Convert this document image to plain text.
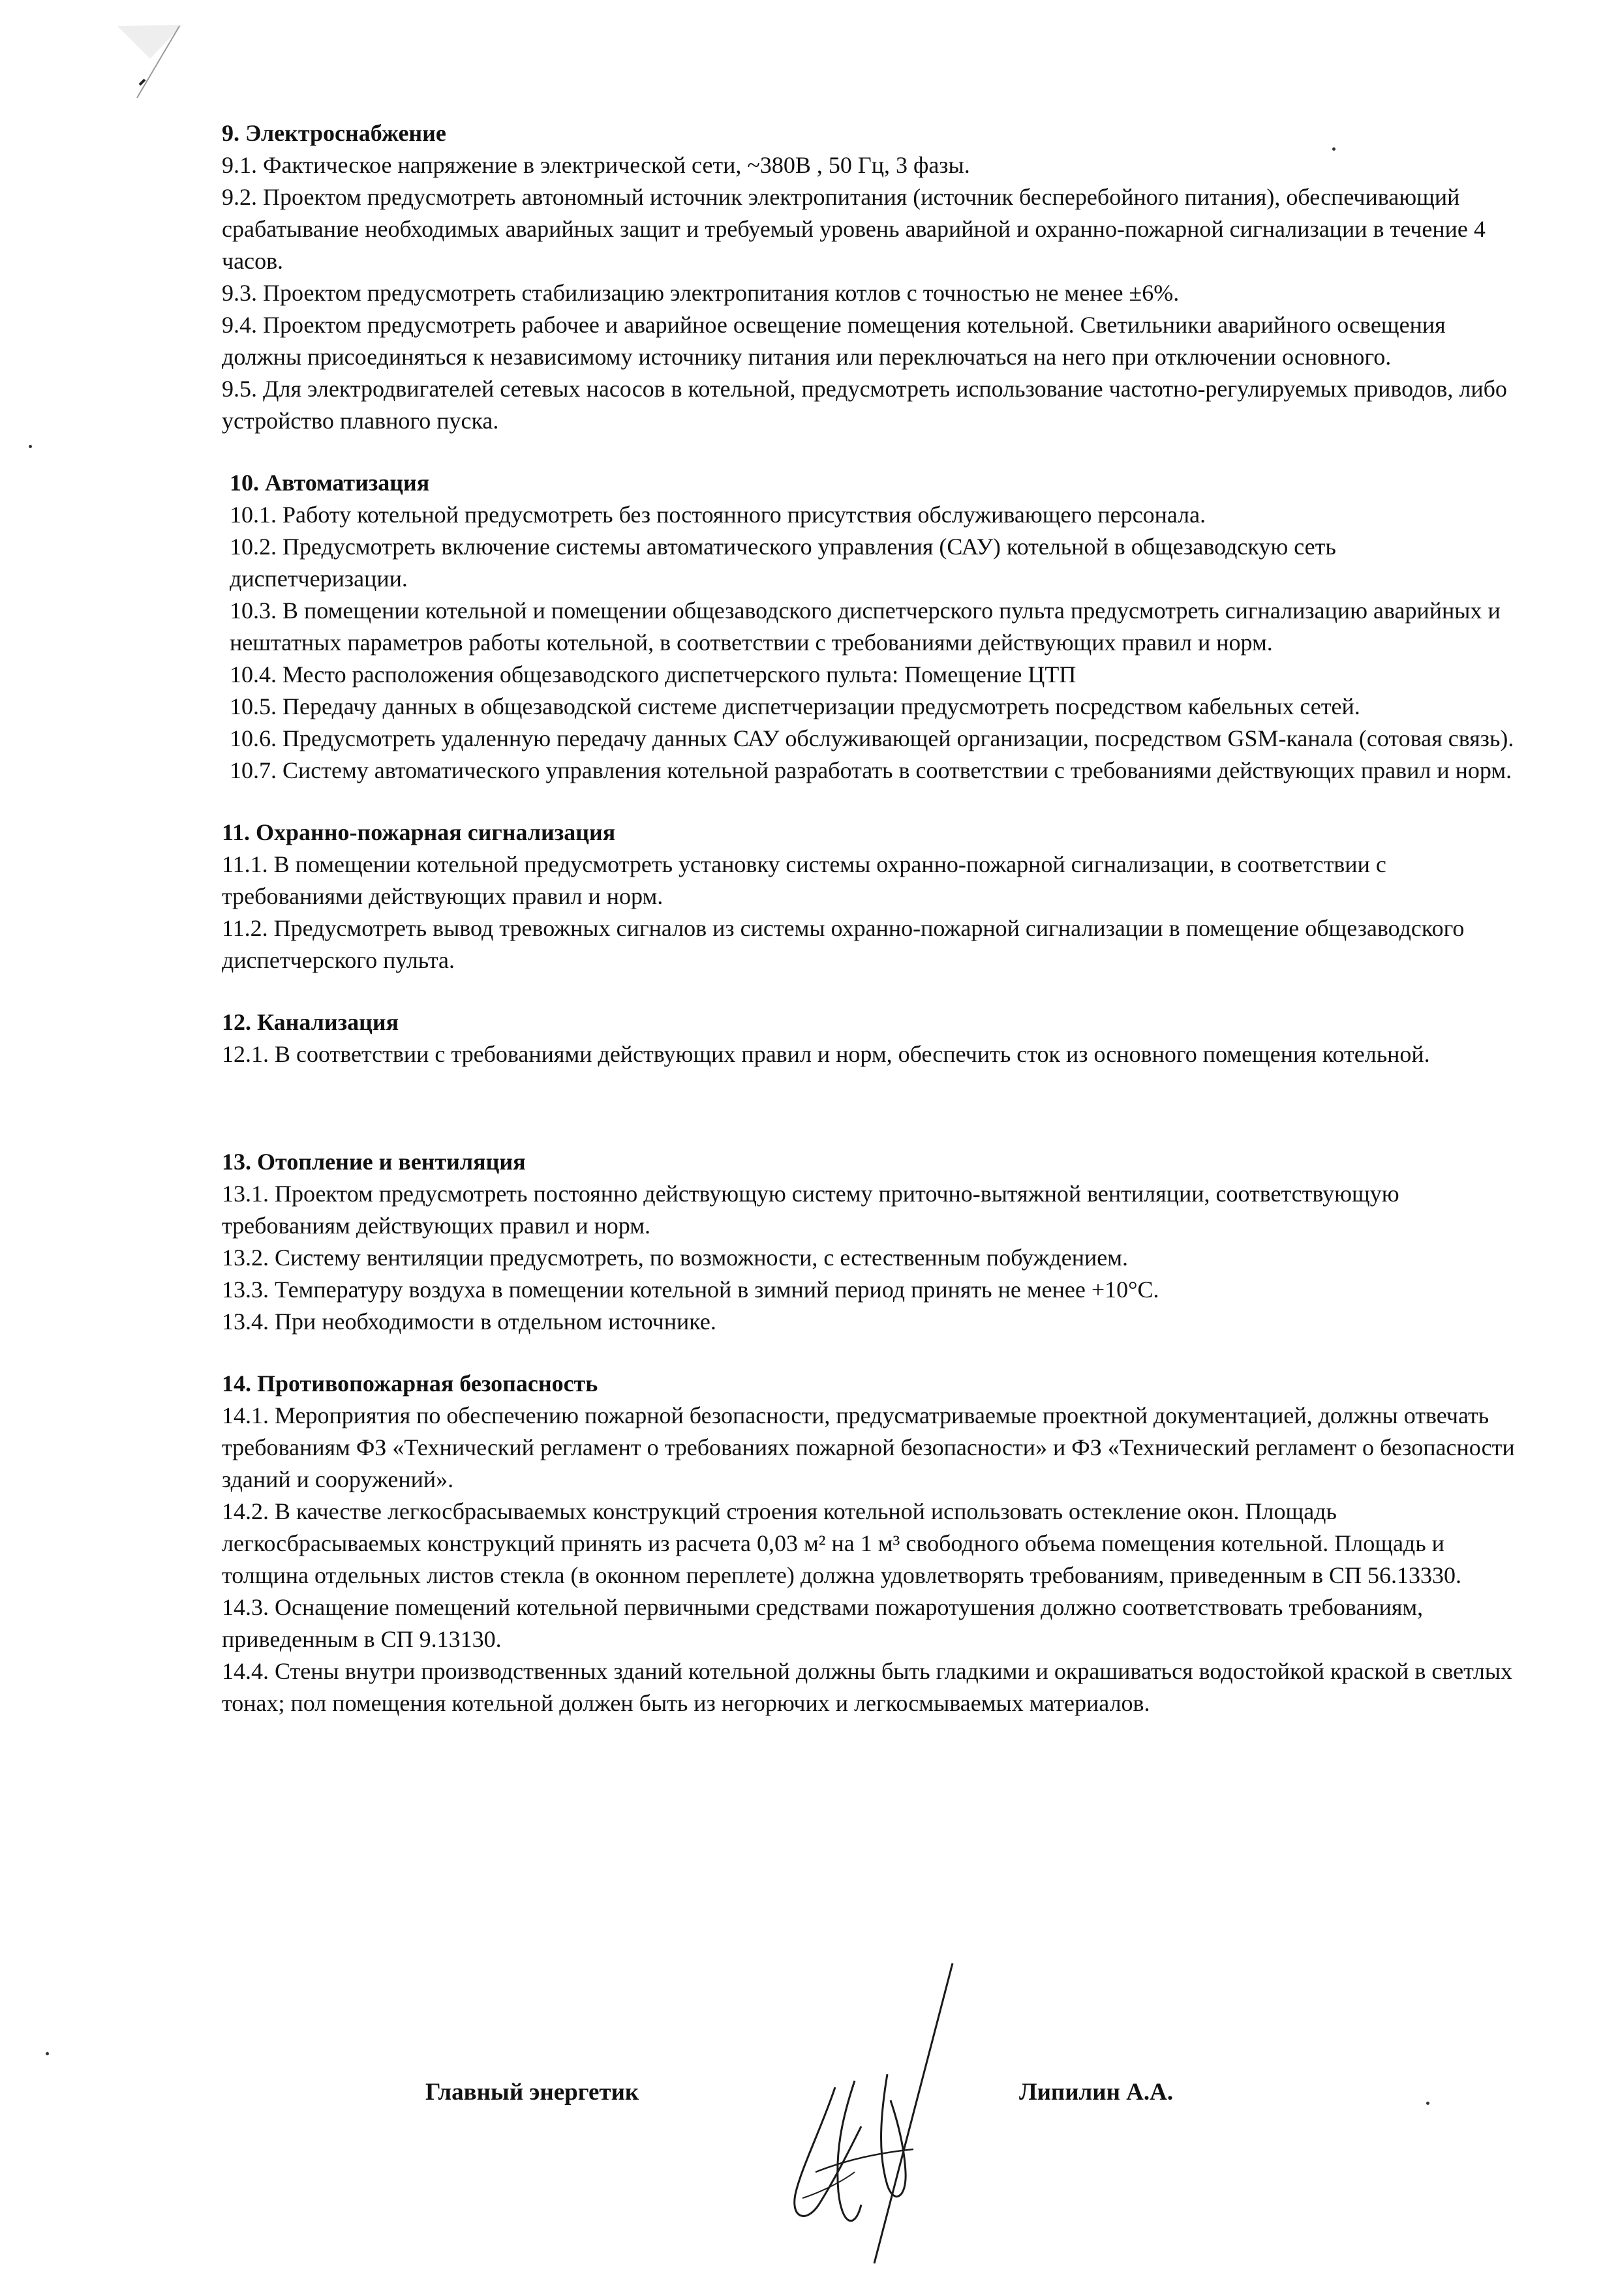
9. Электроснабжение
9.1. Фактическое напряжение в электрической сети, ~380В , 50 Гц, 3 фазы.
9.2. Проектом предусмотреть автономный источник электропитания (источник бесперебойного питания), обеспечивающий срабатывание необходимых аварийных защит и требуемый уровень аварийной и охранно-пожарной сигнализации в течение 4 часов.
9.3. Проектом предусмотреть стабилизацию электропитания котлов с точностью не менее ±6%.
9.4. Проектом предусмотреть рабочее и аварийное освещение помещения котельной. Светильники аварийного освещения должны присоединяться к независимому источнику питания или переключаться на него при отключении основного.
9.5. Для электродвигателей сетевых насосов в котельной, предусмотреть использование частотно-регулируемых приводов, либо устройство плавного пуска.
10. Автоматизация
10.1. Работу котельной предусмотреть без постоянного присутствия обслуживающего персонала.
10.2. Предусмотреть включение системы автоматического управления (САУ) котельной в общезаводскую сеть диспетчеризации.
10.3. В помещении котельной и помещении общезаводского диспетчерского пульта предусмотреть сигнализацию аварийных и нештатных параметров работы котельной, в соответствии с требованиями действующих правил и норм.
10.4. Место расположения общезаводского диспетчерского пульта: Помещение ЦТП
10.5. Передачу данных в общезаводской системе диспетчеризации предусмотреть посредством кабельных сетей.
10.6. Предусмотреть удаленную передачу данных САУ обслуживающей организации, посредством GSM-канала (сотовая связь).
10.7. Систему автоматического управления котельной разработать в соответствии с требованиями действующих правил и норм.
11. Охранно-пожарная сигнализация
11.1. В помещении котельной предусмотреть установку системы охранно-пожарной сигнализации, в соответствии с требованиями действующих правил и норм.
11.2. Предусмотреть вывод тревожных сигналов из системы охранно-пожарной сигнализации в помещение общезаводского диспетчерского пульта.
12. Канализация
12.1. В соответствии с требованиями действующих правил и норм, обеспечить сток из основного помещения котельной.
13. Отопление и вентиляция
13.1. Проектом предусмотреть постоянно действующую систему приточно-вытяжной вентиляции, соответствующую требованиям действующих правил и норм.
13.2. Систему вентиляции предусмотреть, по возможности, с естественным побуждением.
13.3. Температуру воздуха в помещении котельной в зимний период принять не менее +10°С.
13.4. При необходимости в отдельном источнике.
14. Противопожарная безопасность
14.1. Мероприятия по обеспечению пожарной безопасности, предусматриваемые проектной документацией, должны отвечать требованиям ФЗ «Технический регламент о требованиях пожарной безопасности» и ФЗ «Технический регламент о безопасности зданий и сооружений».
14.2. В качестве легкосбрасываемых конструкций строения котельной использовать остекление окон. Площадь легкосбрасываемых конструкций принять из расчета 0,03 м² на 1 м³ свободного объема помещения котельной. Площадь и толщина отдельных листов стекла (в оконном переплете) должна удовлетворять требованиям, приведенным в СП 56.13330.
14.3. Оснащение помещений котельной первичными средствами пожаротушения должно соответствовать требованиям, приведенным в СП 9.13130.
14.4. Стены внутри производственных зданий котельной должны быть гладкими и окрашиваться водостойкой краской в светлых тонах; пол помещения котельной должен быть из негорючих и легкосмываемых материалов.
Главный энергетик	Липилин А.А.
